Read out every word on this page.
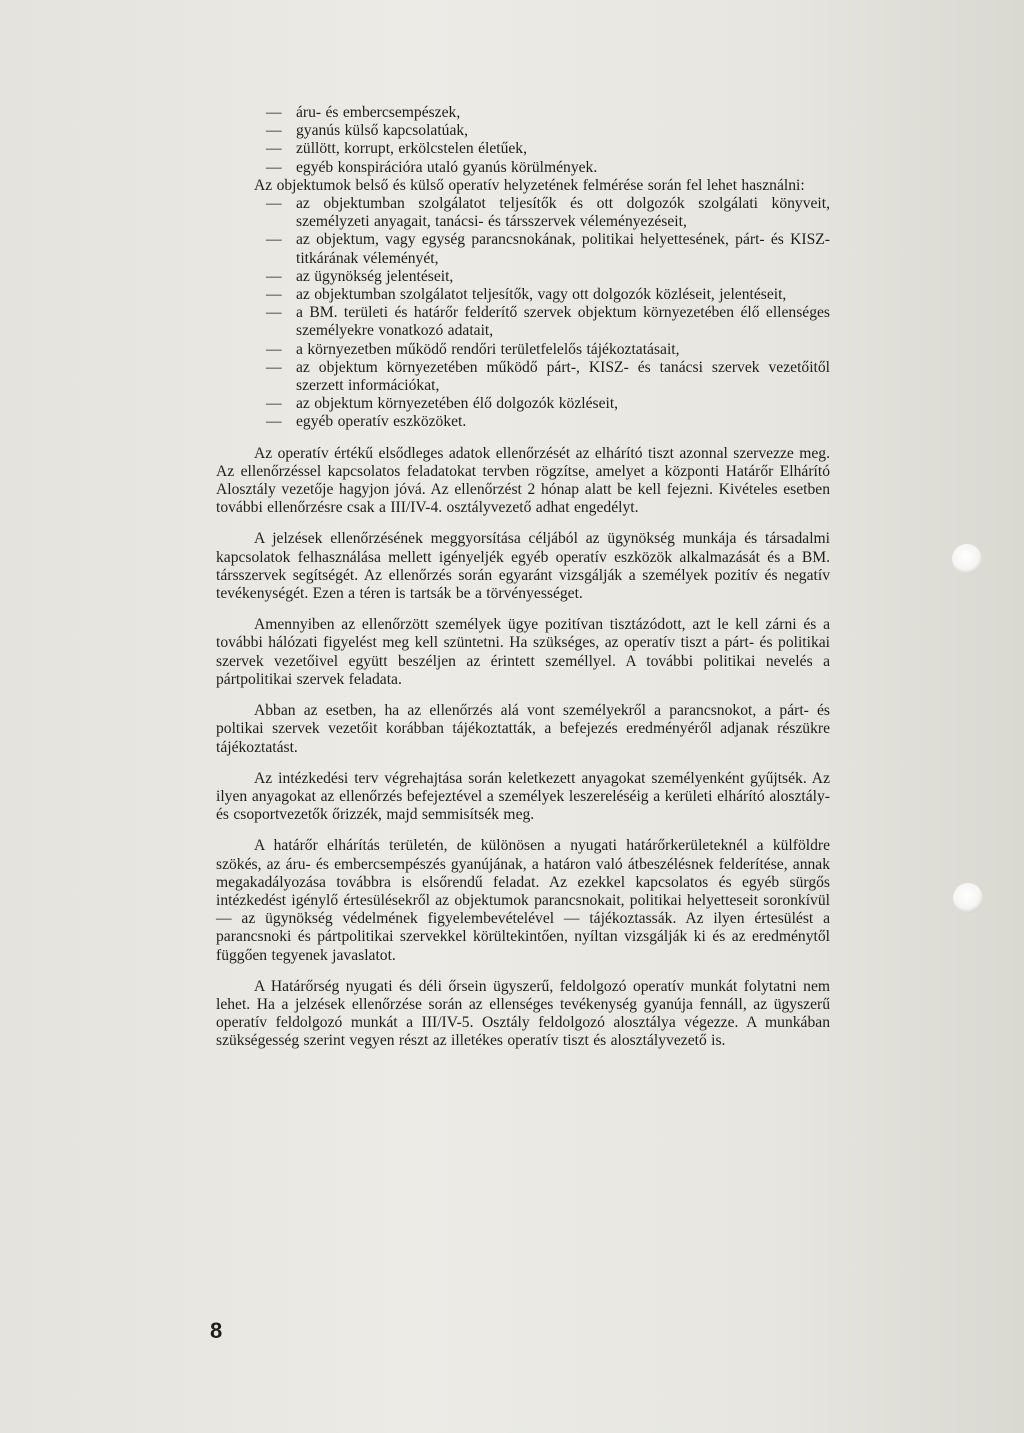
— áru- és embercsempészek,

— gyanús külső kapcsolatúak,

— züllött, korrupt, erkölcstelen életűek,

— egyéb konspirációra utaló gyanús körülmények.

Az objektumok belső és külső operatív helyzetének felmérése során fel lehet használni:

— az objektumban szolgálatot teljesítők és ott dolgozók szolgálati könyveit, személyzeti anyagait, tanácsi- és társszervek véleményezéseit,

— az objektum, vagy egység parancsnokának, politikai helyettesének, párt- és KISZ-titkárának véleményét,

— az ügynökség jelentéseit,

— az objektumban szolgálatot teljesítők, vagy ott dolgozók közléseit, jelentéseit,

— a BM. területi és határőr felderítő szervek objektum környezetében élő ellenséges személyekre vonatkozó adatait,

— a környezetben működő rendőri területfelelős tájékoztatásait,

— az objektum környezetében működő párt-, KISZ- és tanácsi szervek vezetőitől szerzett információkat,

— az objektum környezetében élő dolgozók közléseit,

— egyéb operatív eszközöket.

Az operatív értékű elsődleges adatok ellenőrzését az elhárító tiszt azonnal szervezze meg. Az ellenőrzéssel kapcsolatos feladatokat tervben rögzítse, amelyet a központi Határőr Elhárító Alosztály vezetője hagyjon jóvá. Az ellenőrzést 2 hónap alatt be kell fejezni. Kivételes esetben további ellenőrzésre csak a III/IV-4. osztályvezető adhat engedélyt.

A jelzések ellenőrzésének meggyorsítása céljából az ügynökség munkája és társadalmi kapcsolatok felhasználása mellett igényeljék egyéb operatív eszközök alkalmazását és a BM. társszervek segítségét. Az ellenőrzés során egyaránt vizsgálják a személyek pozitív és negatív tevékenységét. Ezen a téren is tartsák be a törvényességet.

Amennyiben az ellenőrzött személyek ügye pozitívan tisztázódott, azt le kell zárni és a további hálózati figyelést meg kell szüntetni. Ha szükséges, az operatív tiszt a párt- és politikai szervek vezetőivel együtt beszéljen az érintett személlyel. A további politikai nevelés a pártpolitikai szervek feladata.

Abban az esetben, ha az ellenőrzés alá vont személyekről a parancsnokot, a párt- és poltikai szervek vezetőit korábban tájékoztatták, a befejezés eredményéről adjanak részükre tájékoztatást.

Az intézkedési terv végrehajtása során keletkezett anyagokat személyenként gyűjtsék. Az ilyen anyagokat az ellenőrzés befejeztével a személyek leszereléséig a kerületi elhárító alosztály- és csoportvezetők őrizzék, majd semmisítsék meg.

A határőr elhárítás területén, de különösen a nyugati határőrkerületeknél a külföldre szökés, az áru- és embercsempészés gyanújának, a határon való átbeszélésnek felderítése, annak megakadályozása továbbra is elsőrendű feladat. Az ezekkel kapcsolatos és egyéb sürgős intézkedést igénylő értesülésekről az objektumok parancsnokait, politikai helyetteseit soronkívül — az ügynökség védelmének figyelembevételével — tájékoztassák. Az ilyen értesülést a parancsnoki és pártpolitikai szervekkel körültekintően, nyíltan vizsgálják ki és az eredménytől függően tegyenek javaslatot.

A Határőrség nyugati és déli őrsein ügyszerű, feldolgozó operatív munkát folytatni nem lehet. Ha a jelzések ellenőrzése során az ellenséges tevékenység gyanúja fennáll, az ügyszerű operatív feldolgozó munkát a III/IV-5. Osztály feldolgozó alosztálya végezze. A munkában szükségesség szerint vegyen részt az illetékes operatív tiszt és alosztályvezető is.

8
